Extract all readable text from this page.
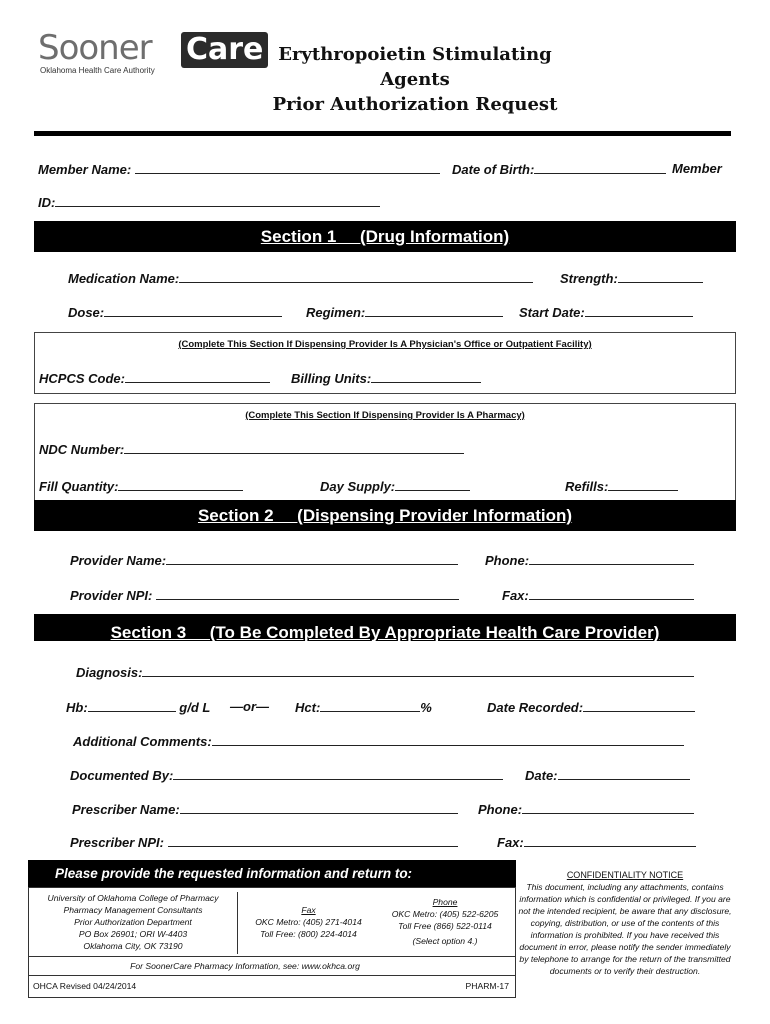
Sooner Care
Oklahoma Health Care Authority
Erythropoietin Stimulating
Agents
Prior Authorization Request
Member Name:	Date of Birth:	Member
ID:
Section 1     (Drug Information)
Medication Name:	Strength:
Dose:	Regimen:	Start Date:
(Complete This Section If Dispensing Provider Is A Physician's Office or Outpatient Facility)
HCPCS Code:	Billing Units:
(Complete This Section If Dispensing Provider Is A Pharmacy)
NDC Number:
Fill Quantity:	Day Supply:	Refills:
Section 2     (Dispensing Provider Information)
Provider Name:	Phone:
Provider NPI:	Fax:
Section 3     (To Be Completed By Appropriate Health Care Provider)
Diagnosis:
Hb:	g/d L —or— Hct:	%	Date Recorded:
Additional Comments:
Documented By:	Date:
Prescriber Name:	Phone:
Prescriber NPI:	Fax:
Please provide the requested information and return to:
University of Oklahoma College of Pharmacy
Pharmacy Management Consultants
Prior Authorization Department
PO Box 26901; ORI W-4403
Oklahoma City, OK 73190
Fax
OKC Metro: (405) 271-4014
Toll Free: (800) 224-4014
Phone
OKC Metro: (405) 522-6205
Toll Free (866) 522-0114
(Select option 4.)
For SoonerCare Pharmacy Information, see: www.okhca.org
OHCA Revised 04/24/2014	PHARM-17
CONFIDENTIALITY NOTICE
This document, including any attachments, contains information which is confidential or privileged. If you are not the intended recipient, be aware that any disclosure, copying, distribution, or use of the contents of this information is prohibited. If you have received this document in error, please notify the sender immediately by telephone to arrange for the return of the transmitted documents or to verify their destruction.
